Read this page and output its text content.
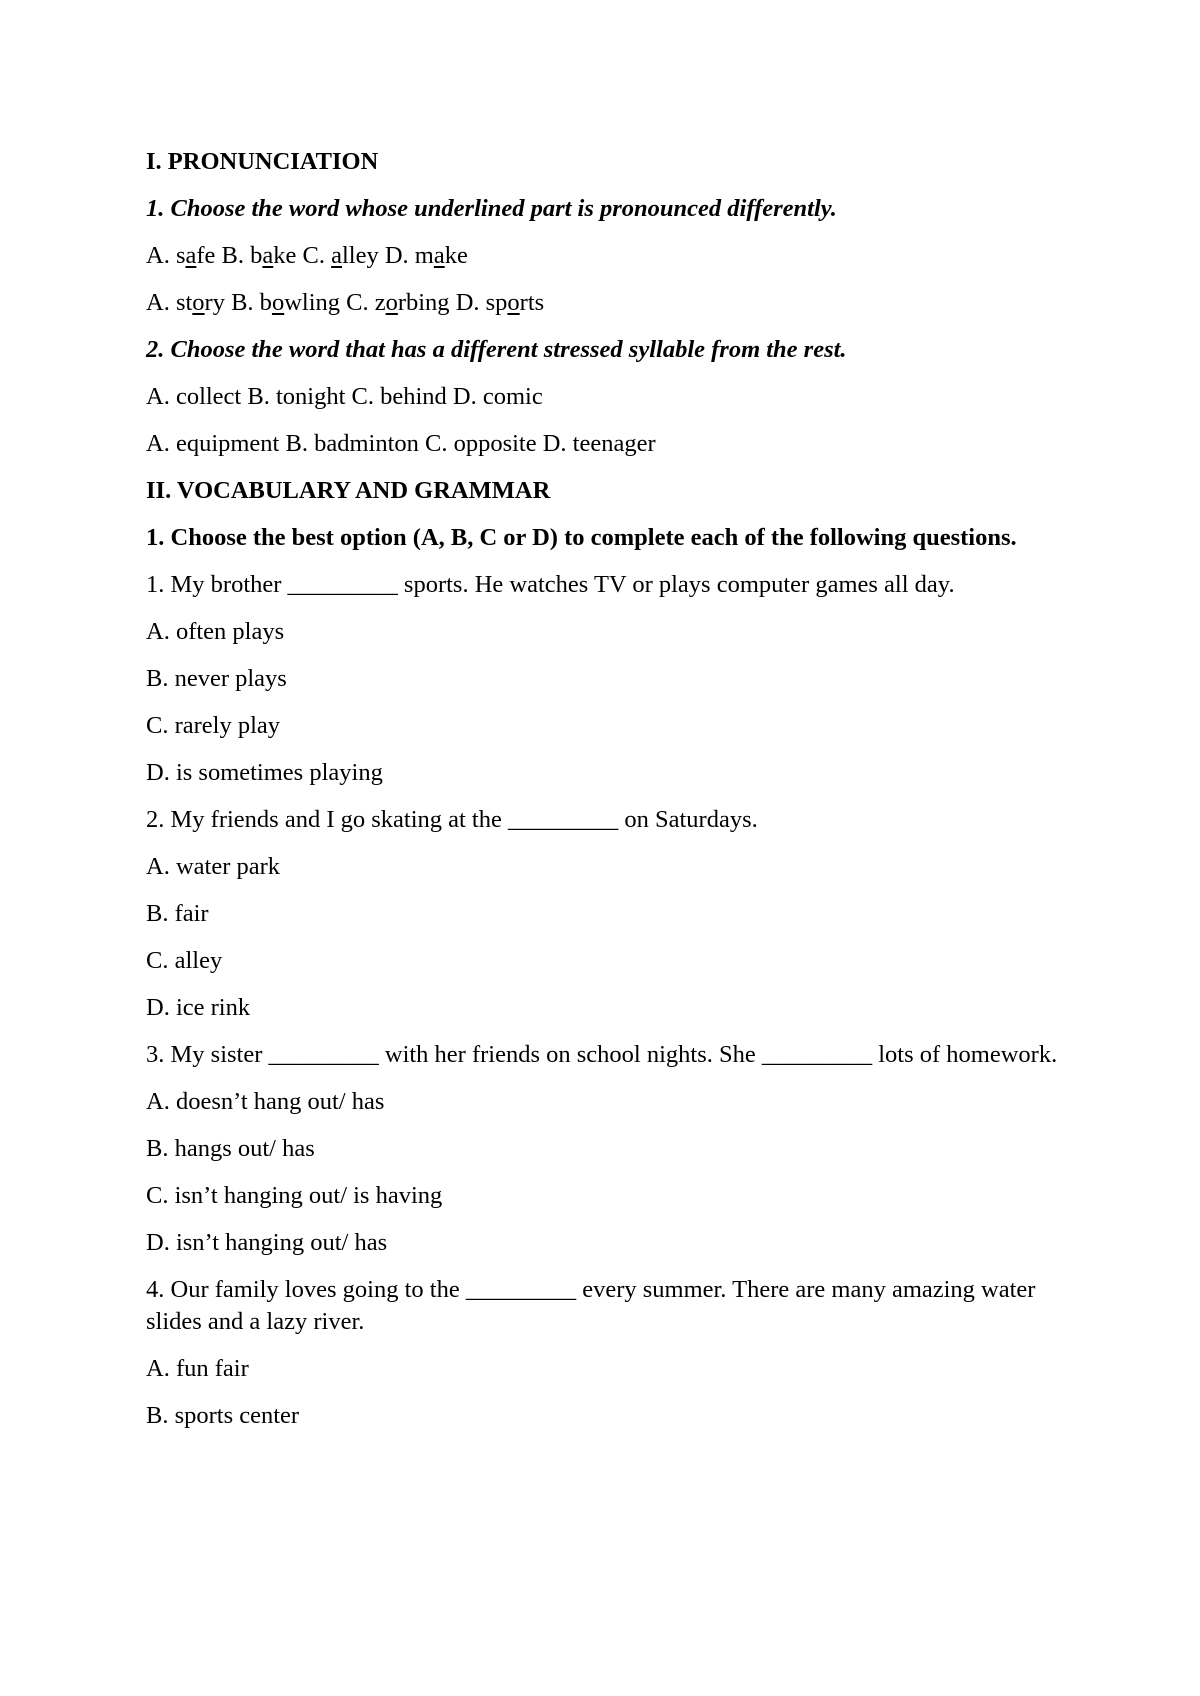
I. PRONUNCIATION
1. Choose the word whose underlined part is pronounced differently.
A. safe B. bake C. alley D. make
A. story B. bowling C. zorbing D. sports
2. Choose the word that has a different stressed syllable from the rest.
A. collect B. tonight C. behind D. comic
A. equipment B. badminton C. opposite D. teenager
II. VOCABULARY AND GRAMMAR
1. Choose the best option (A, B, C or D) to complete each of the following questions.
1. My brother _________ sports. He watches TV or plays computer games all day.
A. often plays
B. never plays
C. rarely play
D. is sometimes playing
2. My friends and I go skating at the _________ on Saturdays.
A. water park
B. fair
C. alley
D. ice rink
3. My sister _________ with her friends on school nights. She _________ lots of homework.
A. doesn’t hang out/ has
B. hangs out/ has
C. isn’t hanging out/ is having
D. isn’t hanging out/ has
4. Our family loves going to the _________ every summer. There are many amazing water slides and a lazy river.
A. fun fair
B. sports center
